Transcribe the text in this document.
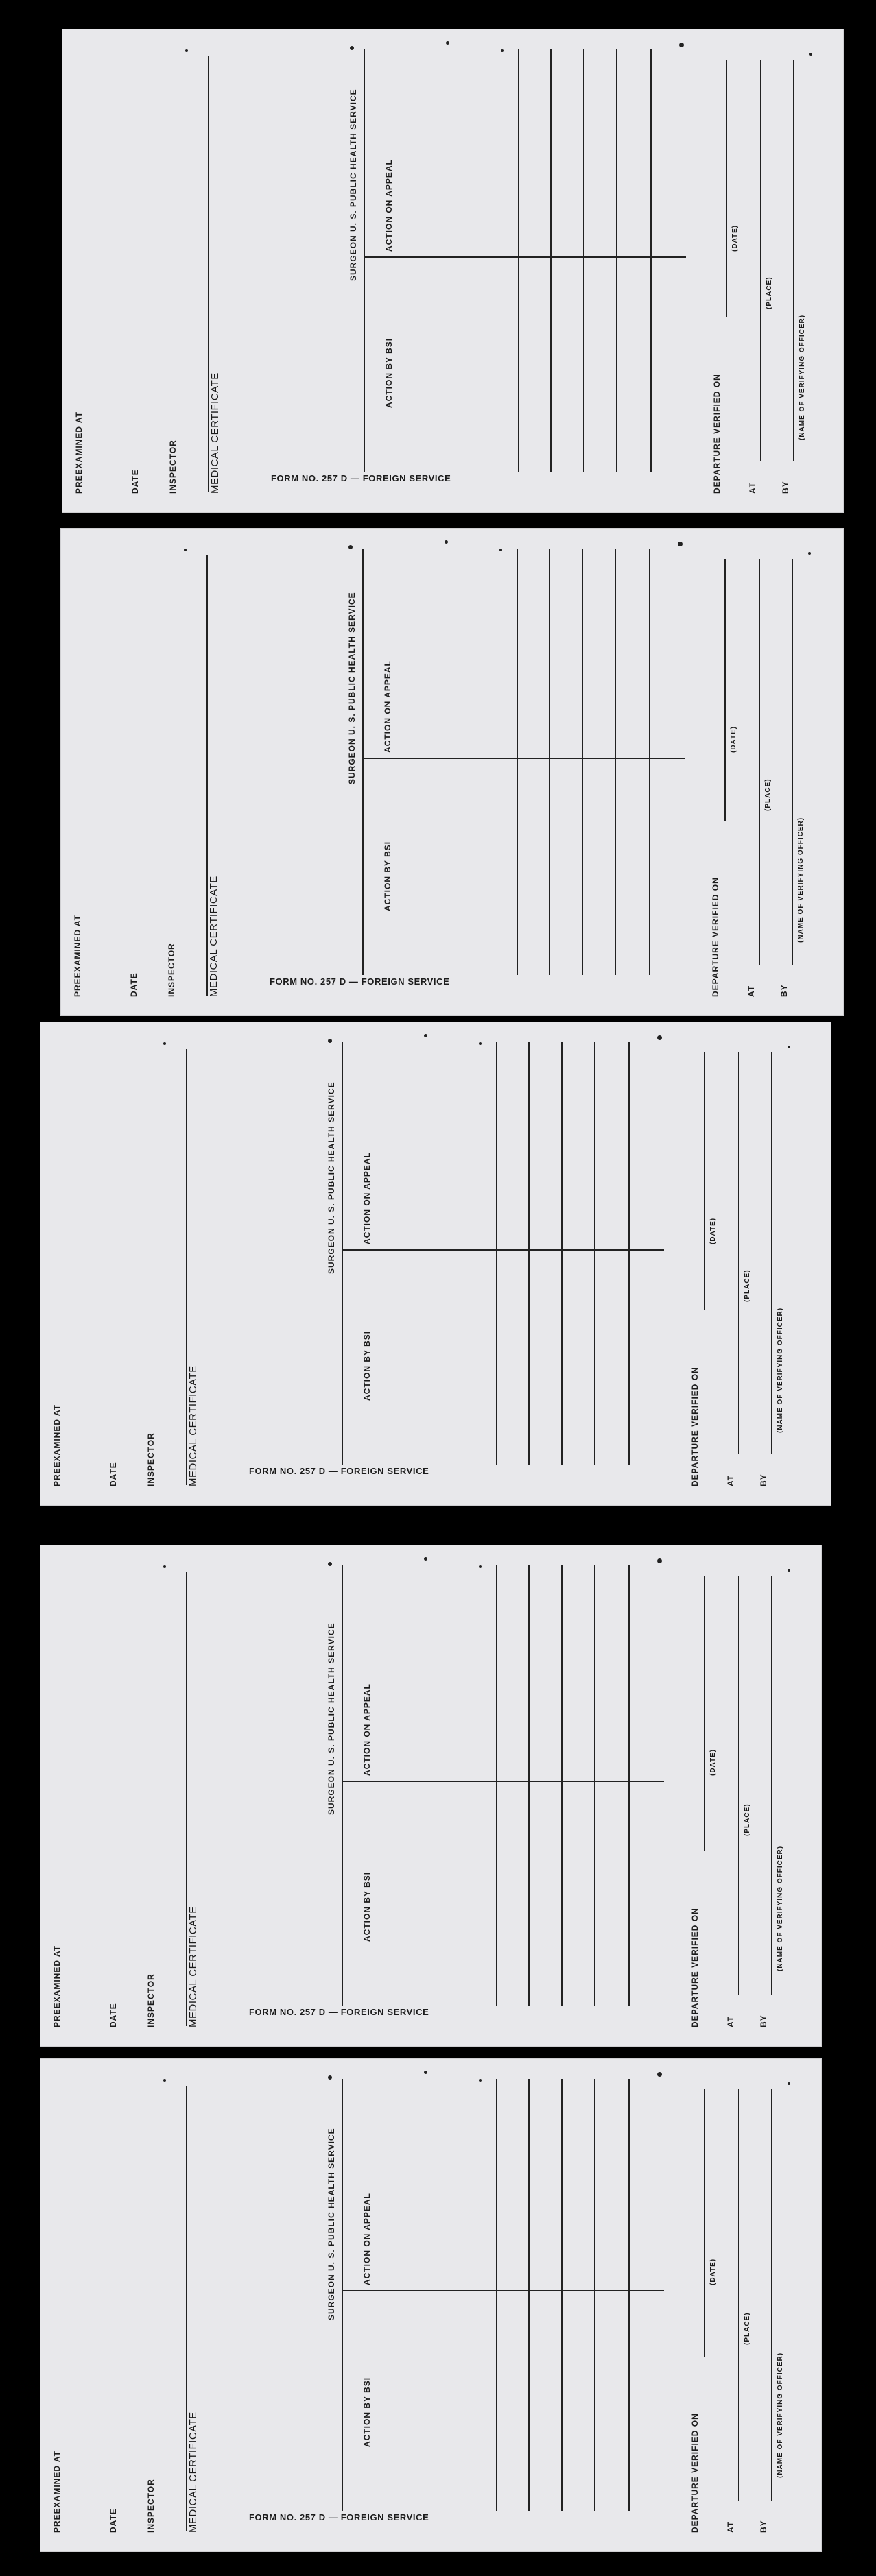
PREEXAMINED AT	DATE	INSPECTOR	MEDICAL CERTIFICATE	FORM NO. 257 D — FOREIGN SERVICE
SURGEON U. S. PUBLIC HEALTH SERVICE	ACTION ON APPEAL
ACTION BY BSI
DEPARTURE VERIFIED ON
(DATE)
AT
(PLACE)
BY
(NAME OF VERIFYING OFFICER)
PREEXAMINED AT	DATE	INSPECTOR	MEDICAL CERTIFICATE	FORM NO. 257 D — FOREIGN SERVICE
SURGEON U. S. PUBLIC HEALTH SERVICE	ACTION ON APPEAL
ACTION BY BSI
DEPARTURE VERIFIED ON
(DATE)
AT
(PLACE)
BY
(NAME OF VERIFYING OFFICER)
PREEXAMINED AT	DATE	INSPECTOR	MEDICAL CERTIFICATE	FORM NO. 257 D — FOREIGN SERVICE
SURGEON U. S. PUBLIC HEALTH SERVICE	ACTION ON APPEAL
ACTION BY BSI
DEPARTURE VERIFIED ON
(DATE)
AT
(PLACE)
BY
(NAME OF VERIFYING OFFICER)
PREEXAMINED AT	DATE	INSPECTOR	MEDICAL CERTIFICATE	FORM NO. 257 D — FOREIGN SERVICE
SURGEON U. S. PUBLIC HEALTH SERVICE	ACTION ON APPEAL
ACTION BY BSI
DEPARTURE VERIFIED ON
(DATE)
AT
(PLACE)
BY
(NAME OF VERIFYING OFFICER)
PREEXAMINED AT	DATE	INSPECTOR	MEDICAL CERTIFICATE	FORM NO. 257 D — FOREIGN SERVICE
SURGEON U. S. PUBLIC HEALTH SERVICE	ACTION ON APPEAL
ACTION BY BSI
DEPARTURE VERIFIED ON
(DATE)
AT
(PLACE)
BY
(NAME OF VERIFYING OFFICER)
